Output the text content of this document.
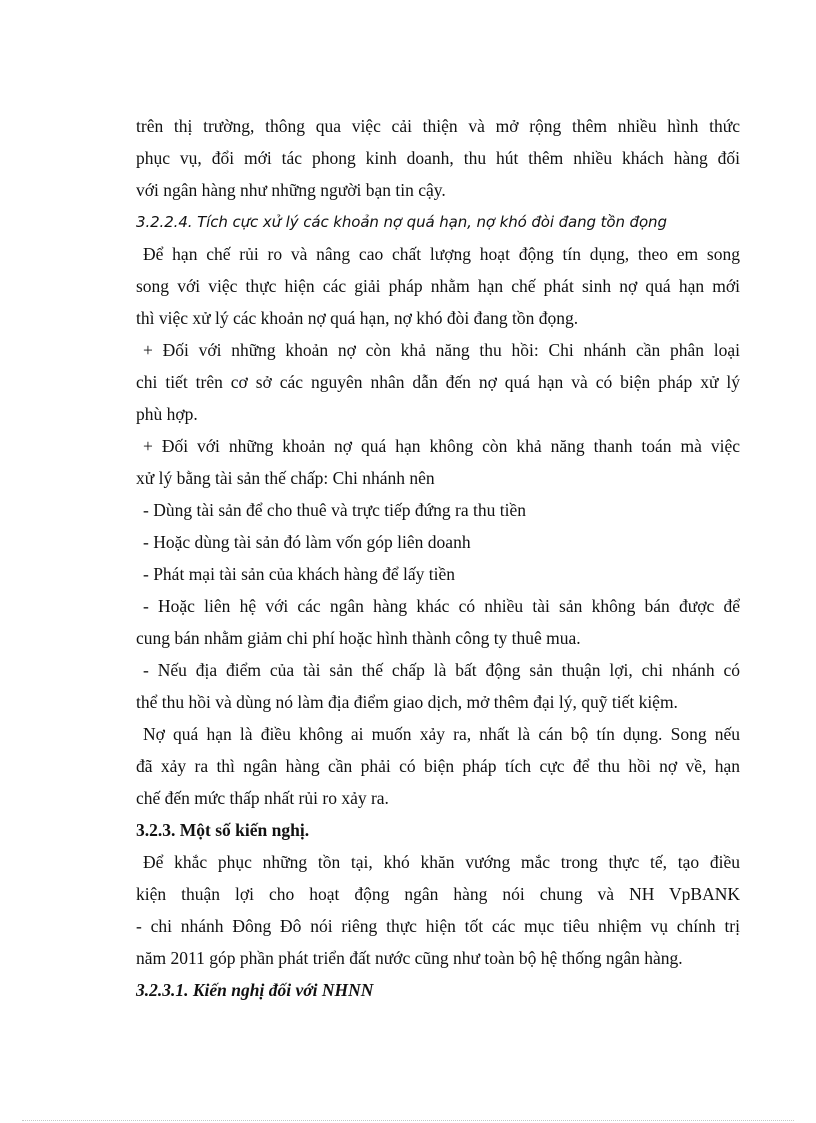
trên thị trường, thông qua việc cải thiện và mở rộng thêm nhiều hình thức
phục vụ, đổi mới tác phong kinh doanh, thu hút thêm nhiều khách hàng đối
với ngân hàng như những người bạn tin cậy.
3.2.2.4. Tích cực xử lý các khoản nợ quá hạn, nợ khó đòi đang tồn đọng
Để hạn chế rủi ro và nâng cao chất lượng hoạt động tín dụng, theo em song
song với việc thực hiện các giải pháp nhằm hạn chế phát sinh nợ quá hạn mới
thì việc xử lý các khoản nợ quá hạn, nợ khó đòi đang tồn đọng.
+ Đối với những khoản nợ còn khả năng thu hồi: Chi nhánh cần phân loại
chi tiết trên cơ sở các nguyên nhân dẫn đến nợ quá hạn và có biện pháp xử lý
phù hợp.
+ Đối với những khoản nợ quá hạn không còn khả năng thanh toán mà việc
xử lý bằng tài sản thế chấp: Chi nhánh nên
- Dùng tài sản để cho thuê và trực tiếp đứng ra thu tiền
- Hoặc dùng tài sản đó làm vốn góp liên doanh
- Phát mại tài sản của khách hàng để lấy tiền
- Hoặc liên hệ với các ngân hàng khác có nhiều tài sản không bán được để
cung bán nhằm giảm chi phí hoặc hình thành công ty thuê mua.
- Nếu địa điểm của tài sản thế chấp là bất động sản thuận lợi, chi nhánh có
thể thu hồi và dùng nó làm địa điểm giao dịch, mở thêm đại lý, quỹ tiết kiệm.
Nợ quá hạn là điều không ai muốn xảy ra, nhất là cán bộ tín dụng. Song nếu
đã xảy ra thì ngân hàng cần phải có biện pháp tích cực để thu hồi nợ về, hạn
chế đến mức thấp nhất rủi ro xảy ra.
3.2.3. Một số kiến nghị.
Để khắc phục những tồn tại, khó khăn vướng mắc trong thực tế, tạo điều
kiện thuận lợi cho hoạt động ngân hàng nói chung và NH VpBANK
- chi nhánh Đông Đô nói riêng thực hiện tốt các mục tiêu nhiệm vụ chính trị
năm 2011 góp phần phát triển đất nước cũng như toàn bộ hệ thống ngân hàng.
3.2.3.1. Kiến nghị đối với NHNN
